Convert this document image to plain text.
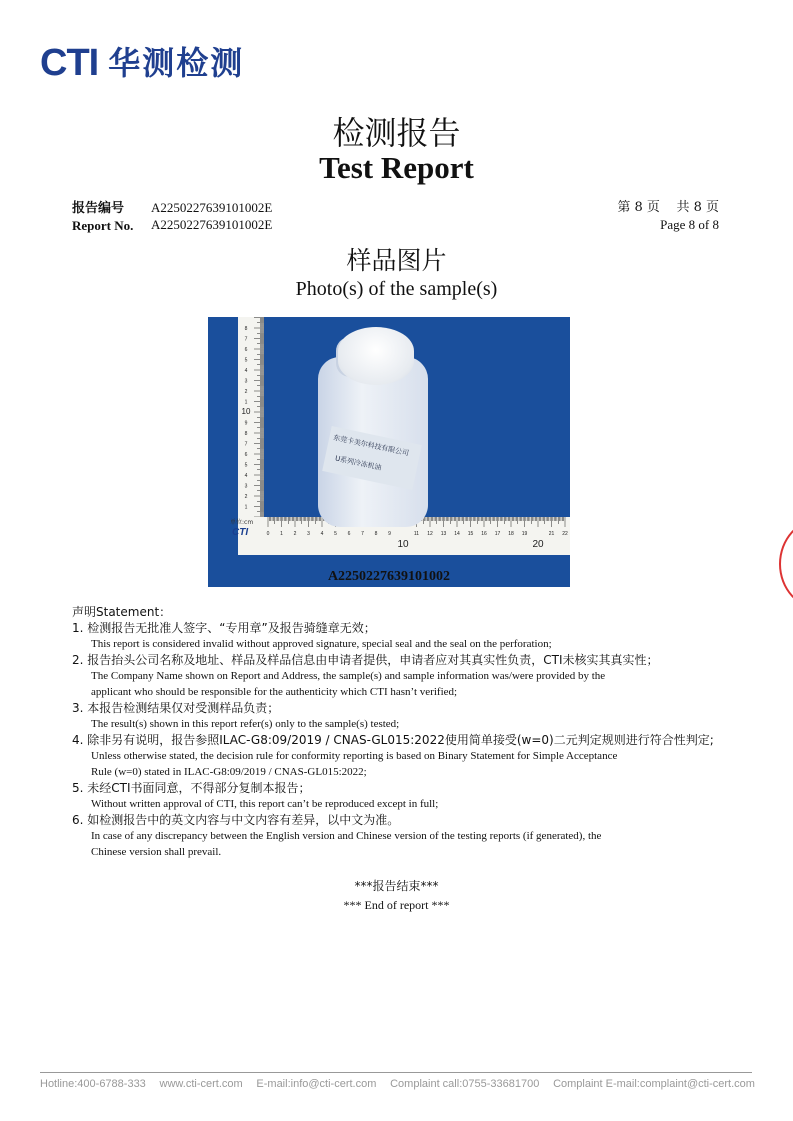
CTI 华测检测
检测报告
Test Report
报告编号
Report No.
A2250227639101002E
A2250227639101002E
第 8 页    共 8 页
Page 8 of 8
样品图片
Photo(s) of the sample(s)
1
2
3
4
5
6
7
8
9
10
1
2
3
4
5
6
7
8
0 1 2 3 4 5 6 7 8 9
10
11 12 13 14 15 16 17 18 19
20
21 22
CTI
单位:cm
东莞卡美尔科技有限公司
U系列冷冻机油
A2250227639101002
声明Statement：
1. 检测报告无批准人签字、“专用章”及报告骑缝章无效；
This report is considered invalid without approved signature, special seal and the seal on the perforation;
2. 报告抬头公司名称及地址、样品及样品信息由申请者提供，申请者应对其真实性负责，CTI未核实其真实性；
The Company Name shown on Report and Address, the sample(s) and sample information was/were provided by the
applicant who should be responsible for the authenticity which CTI hasn’t verified;
3. 本报告检测结果仅对受测样品负责；
The result(s) shown in this report refer(s) only to the sample(s) tested;
4. 除非另有说明，报告参照ILAC-G8:09/2019 / CNAS-GL015:2022使用简单接受(w=0)二元判定规则进行符合性判定;
Unless otherwise stated, the decision rule for conformity reporting is based on Binary Statement for Simple Acceptance
Rule (w=0) stated in ILAC-G8:09/2019 / CNAS-GL015:2022;
5. 未经CTI书面同意，不得部分复制本报告；
Without written approval of CTI, this report can’t be reproduced except in full;
6. 如检测报告中的英文内容与中文内容有差异，以中文为准。
In case of any discrepancy between the English version and Chinese version of the testing reports (if generated), the
Chinese version shall prevail.
***报告结束***
*** End of report ***
Hotline:400-6788-333 www.cti-cert.com E-mail:info@cti-cert.com Complaint call:0755-33681700 Complaint E-mail:complaint@cti-cert.com
